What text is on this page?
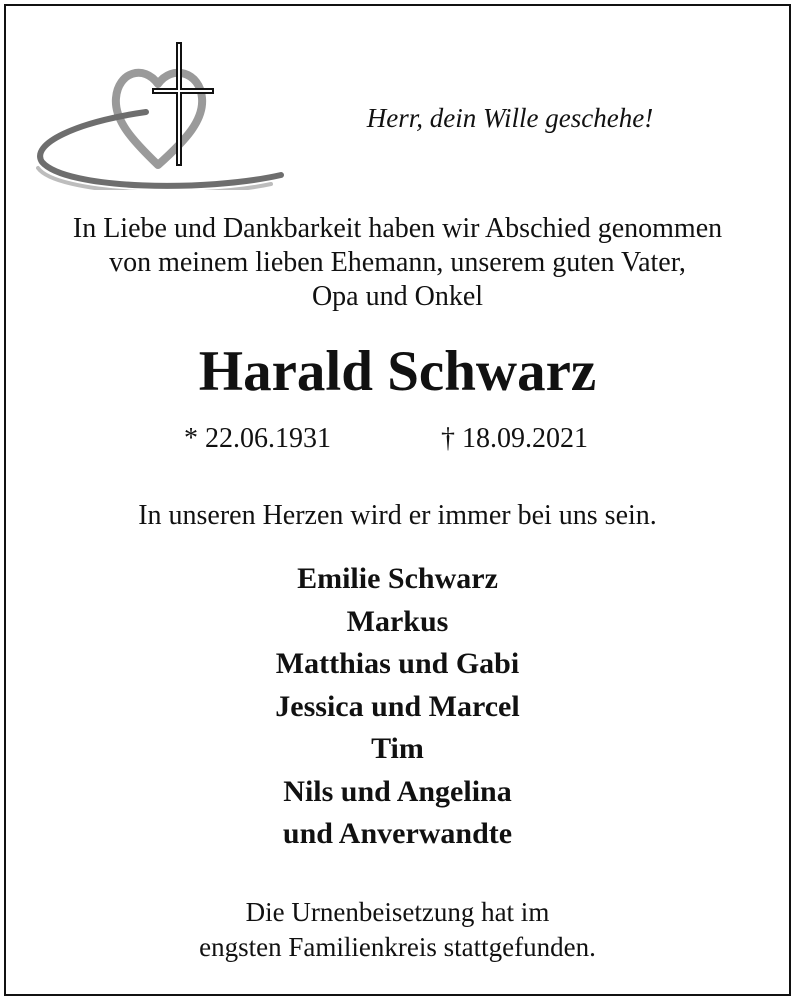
Herr, dein Wille geschehe!
In Liebe und Dankbarkeit haben wir Abschied genommen
von meinem lieben Ehemann, unserem guten Vater,
Opa und Onkel
Harald Schwarz
* 22.06.1931	† 18.09.2021
In unseren Herzen wird er immer bei uns sein.
Emilie Schwarz
Markus
Matthias und Gabi
Jessica und Marcel
Tim
Nils und Angelina
und Anverwandte
Die Urnenbeisetzung hat im
engsten Familienkreis stattgefunden.
